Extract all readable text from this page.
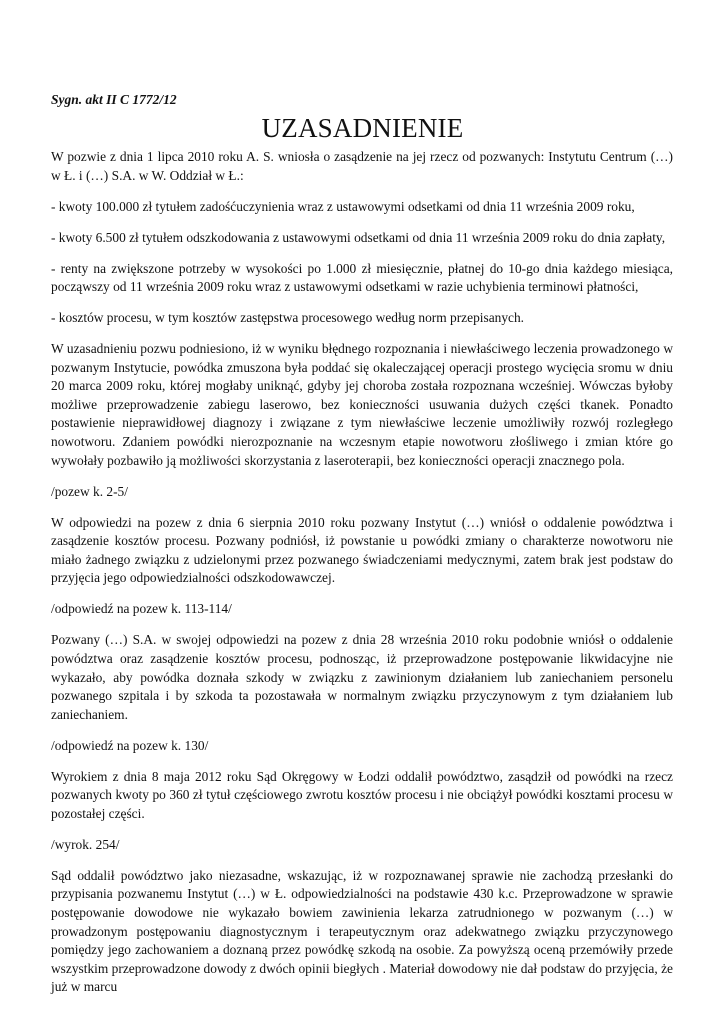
Sygn. akt II C 1772/12
UZASADNIENIE

W pozwie z dnia 1 lipca 2010 roku A. S. wniosła o zasądzenie na jej rzecz od pozwanych: Instytutu Centrum (…) w Ł. i (…) S.A. w W. Oddział w Ł.:

- kwoty 100.000 zł tytułem zadośćuczynienia wraz z ustawowymi odsetkami od dnia 11 września 2009 roku,

- kwoty 6.500 zł tytułem odszkodowania z ustawowymi odsetkami od dnia 11 września 2009 roku do dnia zapłaty,

- renty na zwiększone potrzeby w wysokości po 1.000 zł miesięcznie, płatnej do 10-go dnia każdego miesiąca, począwszy od 11 września 2009 roku wraz z ustawowymi odsetkami w razie uchybienia terminowi płatności,

- kosztów procesu, w tym kosztów zastępstwa procesowego według norm przepisanych.

W uzasadnieniu pozwu podniesiono, iż w wyniku błędnego rozpoznania i niewłaściwego leczenia prowadzonego w pozwanym Instytucie, powódka zmuszona była poddać się okaleczającej operacji prostego wycięcia sromu w dniu 20 marca 2009 roku, której mogłaby uniknąć, gdyby jej choroba została rozpoznana wcześniej. Wówczas byłoby możliwe przeprowadzenie zabiegu laserowo, bez konieczności usuwania dużych części tkanek. Ponadto postawienie nieprawidłowej diagnozy i związane z tym niewłaściwe leczenie umożliwiły rozwój rozległego nowotworu. Zdaniem powódki nierozpoznanie na wczesnym etapie nowotworu złośliwego i zmian które go wywołały pozbawiło ją możliwości skorzystania z laseroterapii, bez konieczności operacji znacznego pola.

/pozew k. 2-5/

W odpowiedzi na pozew z dnia 6 sierpnia 2010 roku pozwany Instytut (…) wniósł o oddalenie powództwa i zasądzenie kosztów procesu. Pozwany podniósł, iż powstanie u powódki zmiany o charakterze nowotworu nie miało żadnego związku z udzielonymi przez pozwanego świadczeniami medycznymi, zatem brak jest podstaw do przyjęcia jego odpowiedzialności odszkodowawczej.

/odpowiedź na pozew k. 113-114/

Pozwany (…) S.A. w swojej odpowiedzi na pozew z dnia 28 września 2010 roku podobnie wniósł o oddalenie powództwa oraz zasądzenie kosztów procesu, podnosząc, iż przeprowadzone postępowanie likwidacyjne nie wykazało, aby powódka doznała szkody w związku z zawinionym działaniem lub zaniechaniem personelu pozwanego szpitala i by szkoda ta pozostawała w normalnym związku przyczynowym z tym działaniem lub zaniechaniem.

/odpowiedź na pozew k. 130/

Wyrokiem z dnia 8 maja 2012 roku Sąd Okręgowy w Łodzi oddalił powództwo, zasądził od powódki na rzecz pozwanych kwoty po 360 zł tytuł częściowego zwrotu kosztów procesu i nie obciążył powódki kosztami procesu w pozostałej części.

/wyrok. 254/

Sąd oddalił powództwo jako niezasadne, wskazując, iż w rozpoznawanej sprawie nie zachodzą przesłanki do przypisania pozwanemu Instytut (…) w Ł. odpowiedzialności na podstawie 430 k.c. Przeprowadzone w sprawie postępowanie dowodowe nie wykazało bowiem zawinienia lekarza zatrudnionego w pozwanym (…) w prowadzonym postępowaniu diagnostycznym i terapeutycznym oraz adekwatnego związku przyczynowego pomiędzy jego zachowaniem a doznaną przez powódkę szkodą na osobie. Za powyższą oceną przemówiły przede wszystkim przeprowadzone dowody z dwóch opinii biegłych . Materiał dowodowy nie dał podstaw do przyjęcia, że już w marcu
